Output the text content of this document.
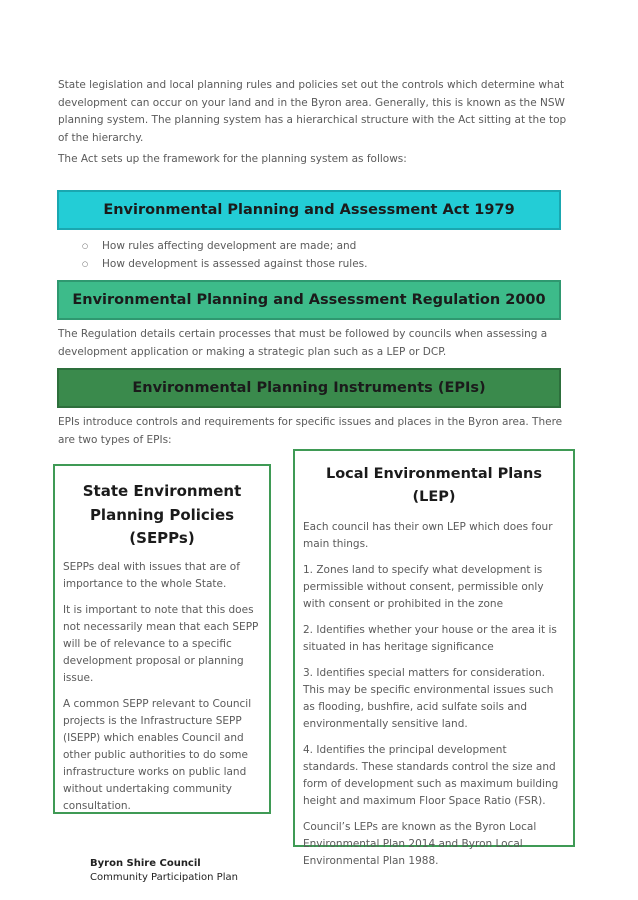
State legislation and local planning rules and policies set out the controls which determine what development can occur on your land and in the Byron area. Generally, this is known as the NSW planning system. The planning system has a hierarchical structure with the Act sitting at the top of the hierarchy.

The Act sets up the framework for the planning system as follows:

Environmental Planning and Assessment Act 1979
○ How rules affecting development are made; and
○ How development is assessed against those rules.
Environmental Planning and Assessment Regulation 2000

The Regulation details certain processes that must be followed by councils when assessing a development application or making a strategic plan such as a LEP or DCP.

Environmental Planning Instruments (EPIs)

EPIs introduce controls and requirements for specific issues and places in the Byron area. There are two types of EPIs:

State Environment Planning Policies (SEPPs)

SEPPs deal with issues that are of importance to the whole State.

It is important to note that this does not necessarily mean that each SEPP will be of relevance to a specific development proposal or planning issue.

A common SEPP relevant to Council projects is the Infrastructure SEPP (ISEPP) which enables Council and other public authorities to do some infrastructure works on public land without undertaking community consultation.

Local Environmental Plans (LEP)

Each council has their own LEP which does four main things.

1. Zones land to specify what development is permissible without consent, permissible only with consent or prohibited in the zone

2. Identifies whether your house or the area it is situated in has heritage significance

3. Identifies special matters for consideration. This may be specific environmental issues such as flooding, bushfire, acid sulfate soils and environmentally sensitive land.

4. Identifies the principal development standards. These standards control the size and form of development such as maximum building height and maximum Floor Space Ratio (FSR).

Council’s LEPs are known as the Byron Local Environmental Plan 2014 and Byron Local Environmental Plan 1988.

Byron Shire Council
Community Participation Plan
